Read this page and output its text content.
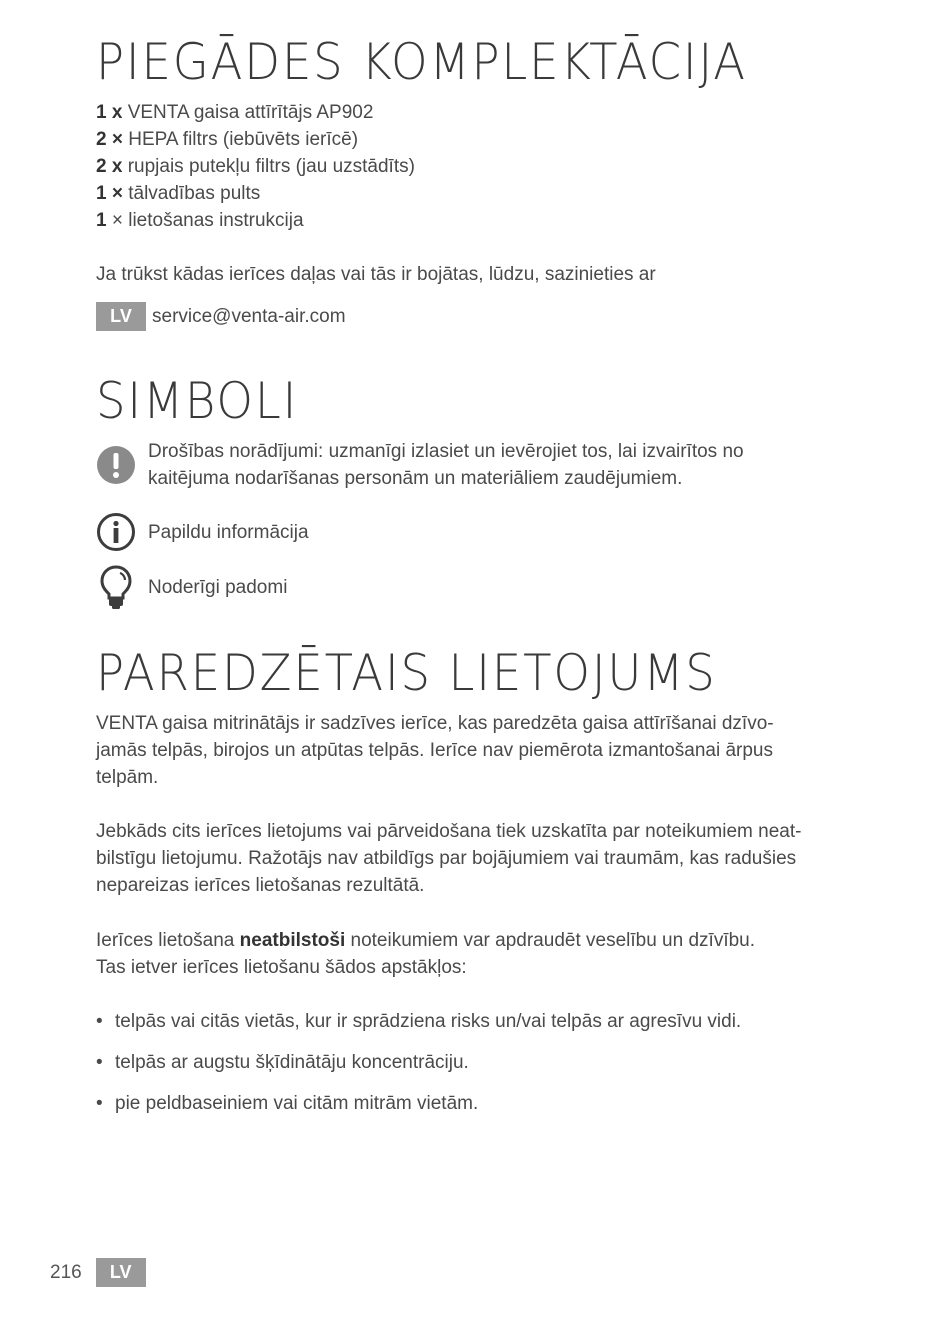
PIEGĀDES KOMPLEKTĀCIJA
1 x VENTA gaisa attīrītājs AP902
2 × HEPA filtrs (iebūvēts ierīcē)
2 x rupjais putekļu filtrs (jau uzstādīts)
1 × tālvadības pults
1 × lietošanas instrukcija

Ja trūkst kādas ierīces daļas vai tās ir bojātas, lūdzu, sazinieties ar

LV	service@venta-air.com
SIMBOLI
Drošības norādījumi: uzmanīgi izlasiet un ievērojiet tos, lai izvairītos no
kaitējuma nodarīšanas personām un materiāliem zaudējumiem.
Papildu informācija
Noderīgi padomi
PAREDZĒTAIS LIETOJUMS
VENTA gaisa mitrinātājs ir sadzīves ierīce, kas paredzēta gaisa attīrīšanai dzīvo-
jamās telpās, birojos un atpūtas telpās. Ierīce nav piemērota izmantošanai ārpus
telpām.
Jebkāds cits ierīces lietojums vai pārveidošana tiek uzskatīta par noteikumiem neat-
bilstīgu lietojumu. Ražotājs nav atbildīgs par bojājumiem vai traumām, kas radušies
nepareizas ierīces lietošanas rezultātā.
Ierīces lietošana neatbilstoši noteikumiem var apdraudēt veselību un dzīvību.
Tas ietver ierīces lietošanu šādos apstākļos:
• telpās vai citās vietās, kur ir sprādziena risks un/vai telpās ar agresīvu vidi.
• telpās ar augstu šķīdinātāju koncentrāciju.
• pie peldbaseiniem vai citām mitrām vietām.
216	LV
